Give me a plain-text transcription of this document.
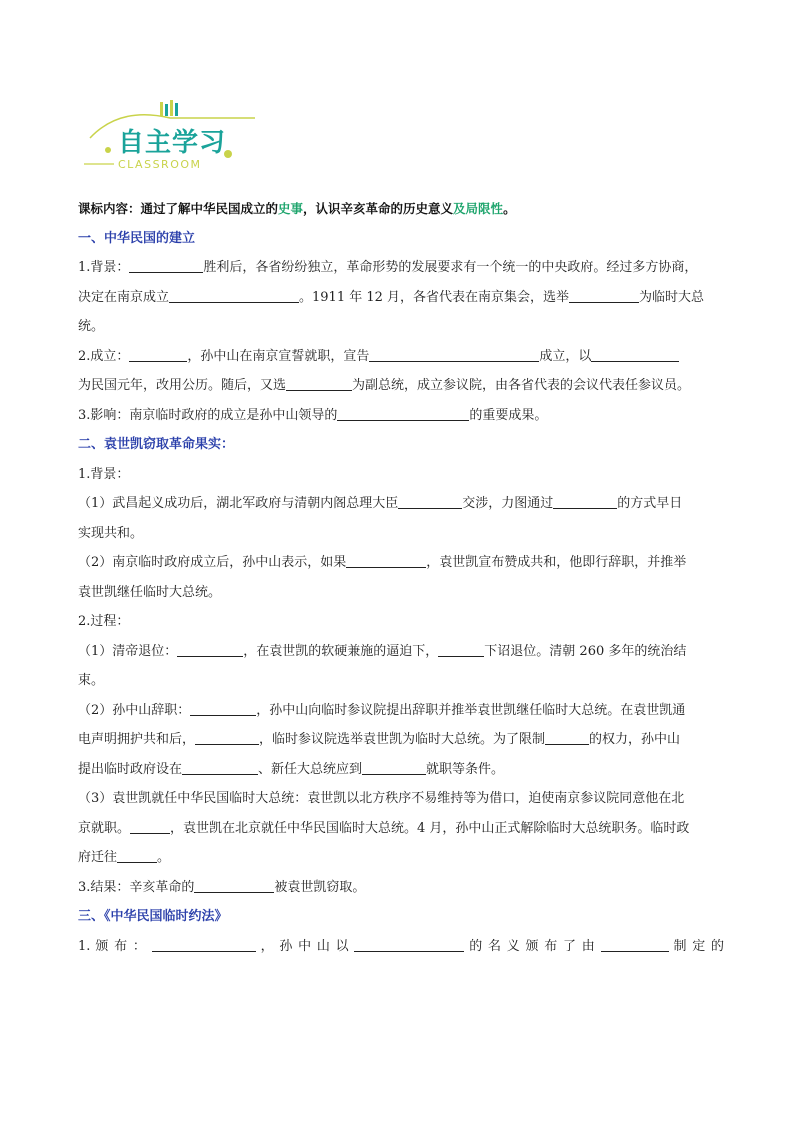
自主学习
CLASSROOM

课标内容：通过了解中华民国成立的史事，认识辛亥革命的历史意义及局限性。

一、中华民国的建立

1.背景：	胜利后，各省纷纷独立，革命形势的发展要求有一个统一的中央政府。经过多方协商，
决定在南京成立	。1911 年 12 月，各省代表在南京集会，选举	为临时大总
统。

2.成立：	，孙中山在南京宣誓就职，宣告	成立，以
为民国元年，改用公历。随后，又选	为副总统，成立参议院，由各省代表的会议代表任参议员。

3.影响：南京临时政府的成立是孙中山领导的	的重要成果。

二、袁世凯窃取革命果实：

1.背景：

（1）武昌起义成功后，湖北军政府与清朝内阁总理大臣	交涉，力图通过	的方式早日
实现共和。

（2）南京临时政府成立后，孙中山表示，如果	，袁世凯宣布赞成共和，他即行辞职，并推举
袁世凯继任临时大总统。

2.过程：

（1）清帝退位：	，在袁世凯的软硬兼施的逼迫下，	下诏退位。清朝 260 多年的统治结
束。

（2）孙中山辞职：	，孙中山向临时参议院提出辞职并推举袁世凯继任临时大总统。在袁世凯通
电声明拥护共和后，	，临时参议院选举袁世凯为临时大总统。为了限制	的权力，孙中山
提出临时政府设在	、新任大总统应到	就职等条件。

（3）袁世凯就任中华民国临时大总统：袁世凯以北方秩序不易维持等为借口，迫使南京参议院同意他在北
京就职。	，袁世凯在北京就任中华民国临时大总统。4 月，孙中山正式解除临时大总统职务。临时政
府迁往	。

3.结果：辛亥革命的	被袁世凯窃取。

三、《中华民国临时约法》

1. 颁 布 ：	， 孙 中 山 以	的 名 义 颁 布 了 由	制 定 的
